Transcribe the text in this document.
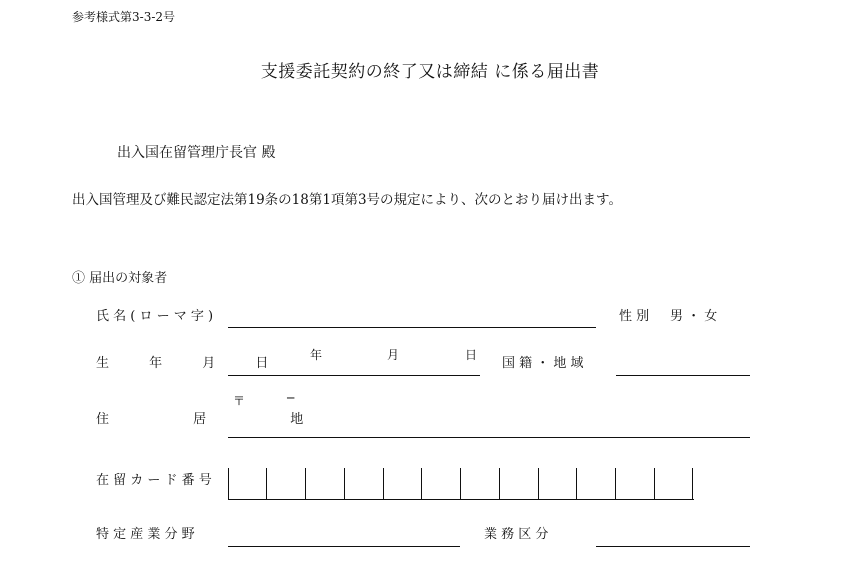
参考様式第3-3-2号
支援委託契約の終了又は締結 に係る届出書
出入国在留管理庁長官 殿
出入国管理及び難民認定法第19条の18第1項第3号の規定により、次のとおり届け出ます。
① 届出の対象者
氏 名 ( ロ ー マ 字 )	性 別 男 ・ 女
生 年 月 日
年	月	日
国 籍 ・ 地 域
〒	─
住 居 地
在 留 カ ー ド 番 号
特 定 産 業 分 野	業 務 区 分
